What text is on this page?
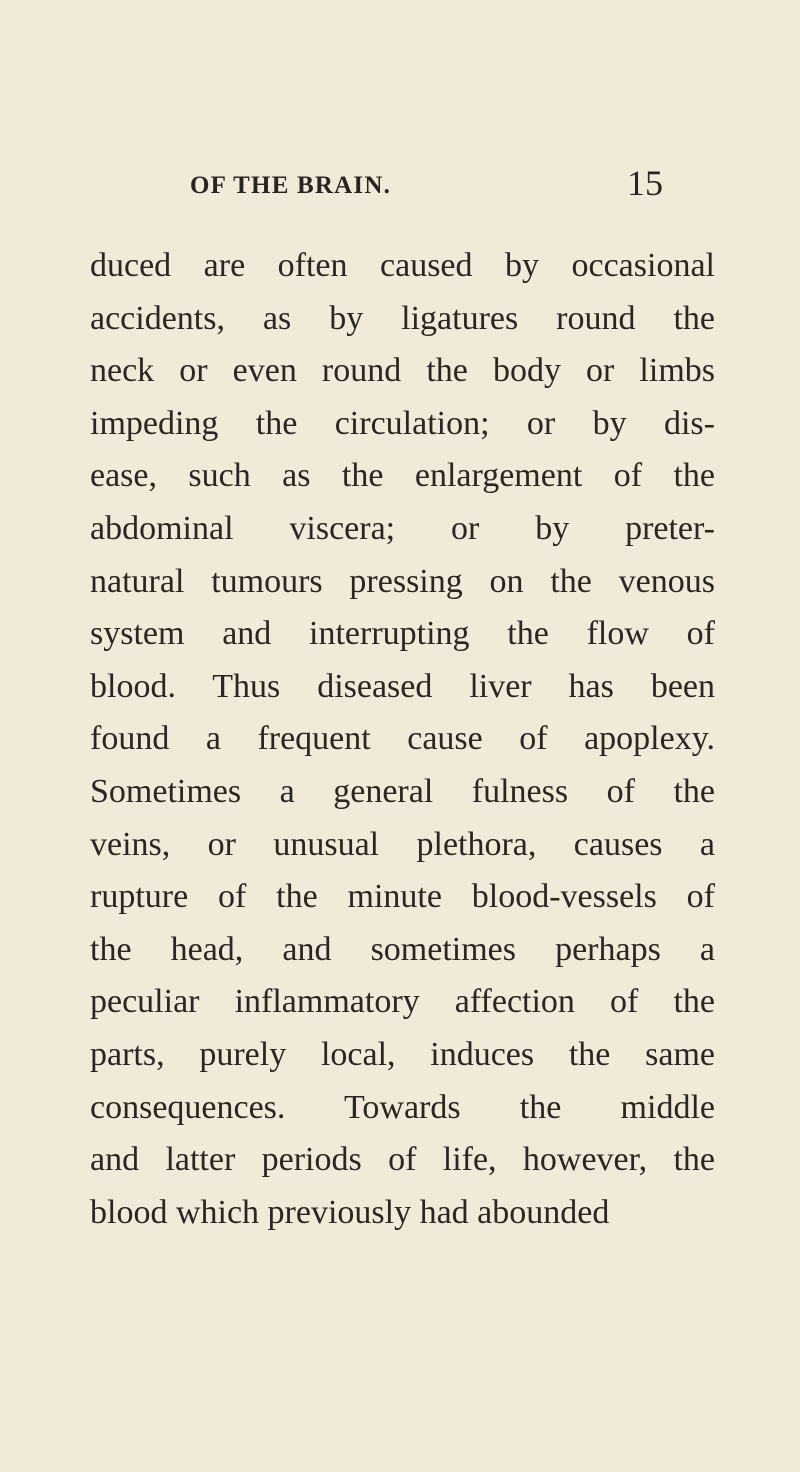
OF THE BRAIN.	15
duced are often caused by occasional
accidents, as by ligatures round the
neck or even round the body or limbs
impeding the circulation; or by dis-
ease, such as the enlargement of the
abdominal viscera; or by preter-
natural tumours pressing on the venous
system and interrupting the flow of
blood. Thus diseased liver has been
found a frequent cause of apoplexy.
Sometimes a general fulness of the
veins, or unusual plethora, causes a
rupture of the minute blood-vessels of
the head, and sometimes perhaps a
peculiar inflammatory affection of the
parts, purely local, induces the same
consequences. Towards the middle
and latter periods of life, however, the
blood which previously had abounded
